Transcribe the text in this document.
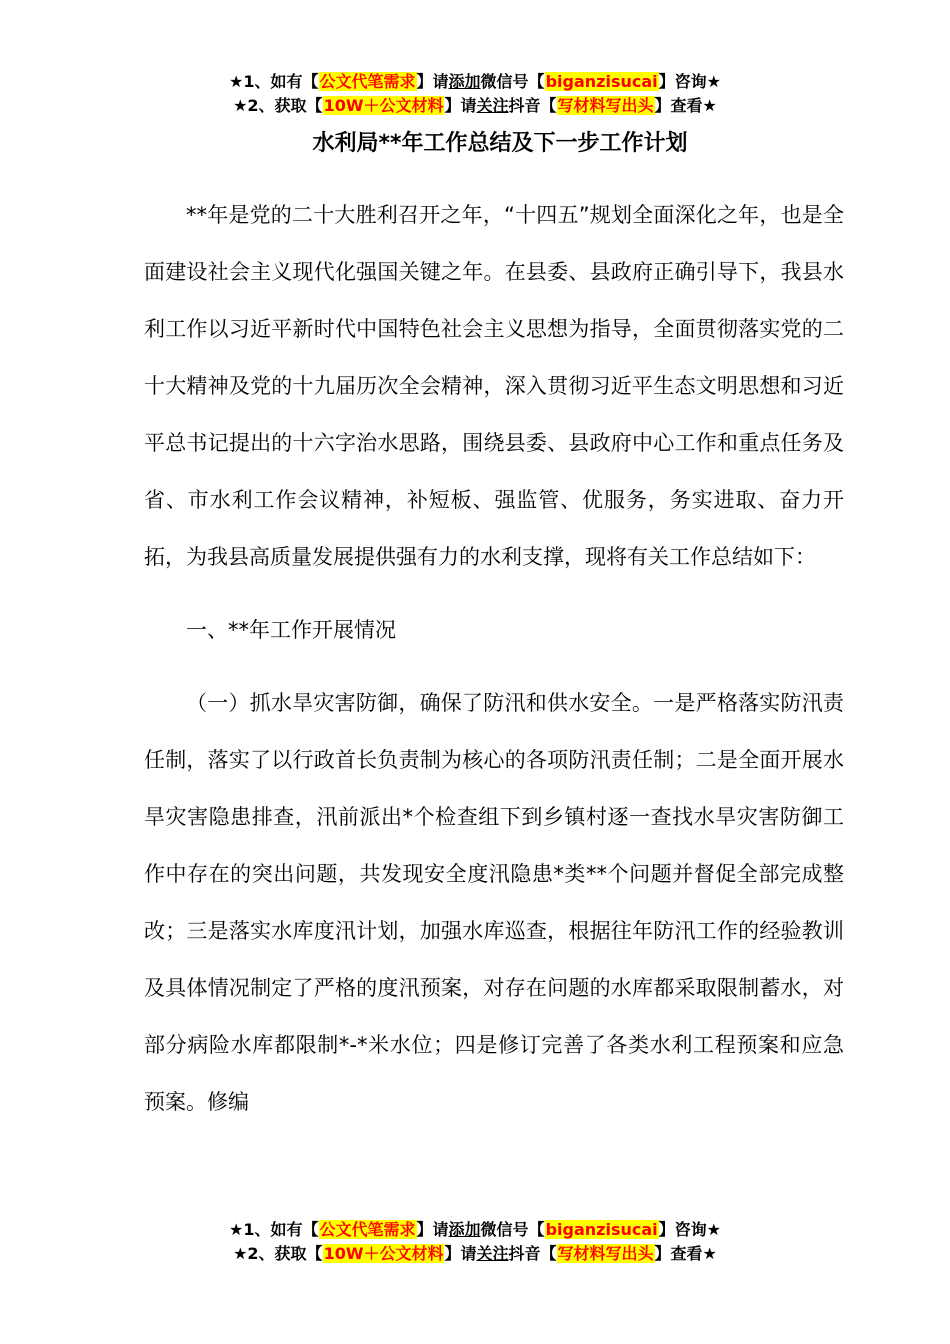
★1、如有【公文代笔需求】请添加微信号【biganzisucai】咨询★
★2、获取【10W＋公文材料】请关注抖音【写材料写出头】查看★
水利局**年工作总结及下一步工作计划

**年是党的二十大胜利召开之年，“十四五”规划全面深化之年，也是全面建设社会主义现代化强国关键之年。在县委、县政府正确引导下，我县水利工作以习近平新时代中国特色社会主义思想为指导，全面贯彻落实党的二十大精神及党的十九届历次全会精神，深入贯彻习近平生态文明思想和习近平总书记提出的十六字治水思路，围绕县委、县政府中心工作和重点任务及省、市水利工作会议精神，补短板、强监管、优服务，务实进取、奋力开拓，为我县高质量发展提供强有力的水利支撑，现将有关工作总结如下：

一、**年工作开展情况

（一）抓水旱灾害防御，确保了防汛和供水安全。一是严格落实防汛责任制，落实了以行政首长负责制为核心的各项防汛责任制；二是全面开展水旱灾害隐患排查，汛前派出*个检查组下到乡镇村逐一查找水旱灾害防御工作中存在的突出问题，共发现安全度汛隐患*类**个问题并督促全部完成整改；三是落实水库度汛计划，加强水库巡查，根据往年防汛工作的经验教训及具体情况制定了严格的度汛预案，对存在问题的水库都采取限制蓄水，对部分病险水库都限制*-*米水位；四是修订完善了各类水利工程预案和应急预案。修编

★1、如有【公文代笔需求】请添加微信号【biganzisucai】咨询★
★2、获取【10W＋公文材料】请关注抖音【写材料写出头】查看★
